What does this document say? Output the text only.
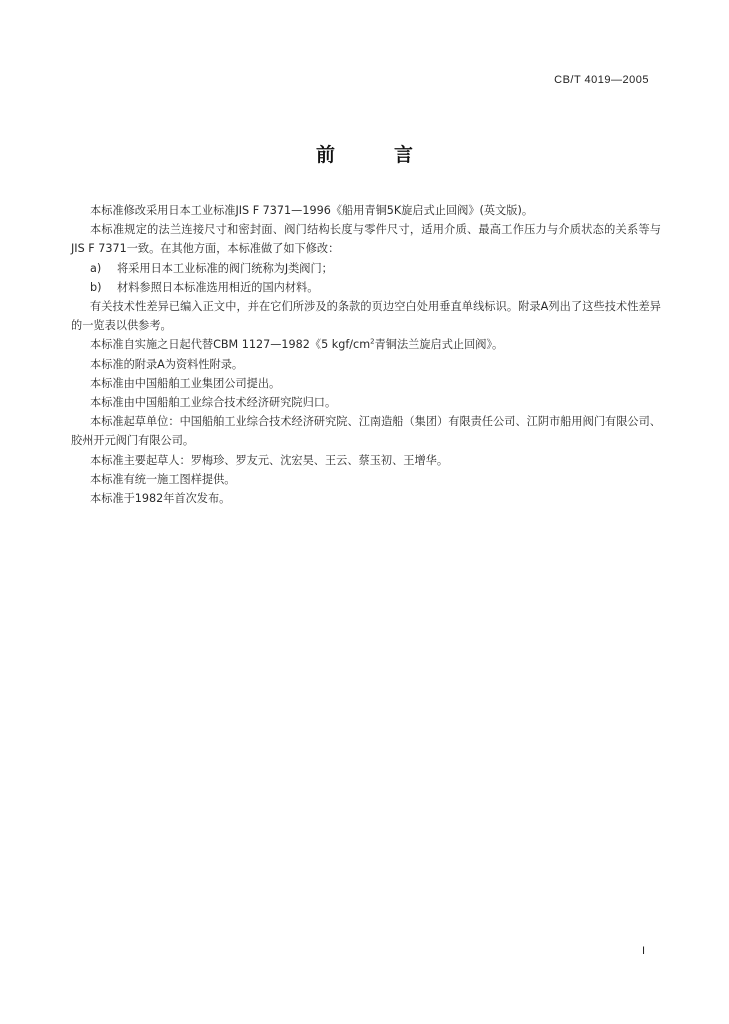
CB/T 4019—2005
前　言

本标准修改采用日本工业标准JIS F 7371—1996《船用青铜5K旋启式止回阀》(英文版)。

本标准规定的法兰连接尺寸和密封面、阀门结构长度与零件尺寸，适用介质、最高工作压力与介质状态的关系等与JIS F 7371一致。在其他方面，本标准做了如下修改：

a) 将采用日本工业标准的阀门统称为J类阀门；

b) 材料参照日本标准选用相近的国内材料。

有关技术性差异已编入正文中，并在它们所涉及的条款的页边空白处用垂直单线标识。附录A列出了这些技术性差异的一览表以供参考。

本标准自实施之日起代替CBM 1127—1982《5 kgf/$cm^2$青铜法兰旋启式止回阀》。

本标准的附录A为资料性附录。

本标准由中国船舶工业集团公司提出。

本标准由中国船舶工业综合技术经济研究院归口。

本标准起草单位：中国船舶工业综合技术经济研究院、江南造船（集团）有限责任公司、江阴市船用阀门有限公司、胶州开元阀门有限公司。

本标准主要起草人：罗梅珍、罗友元、沈宏昊、王云、蔡玉初、王增华。

本标准有统一施工图样提供。

本标准于1982年首次发布。

I
